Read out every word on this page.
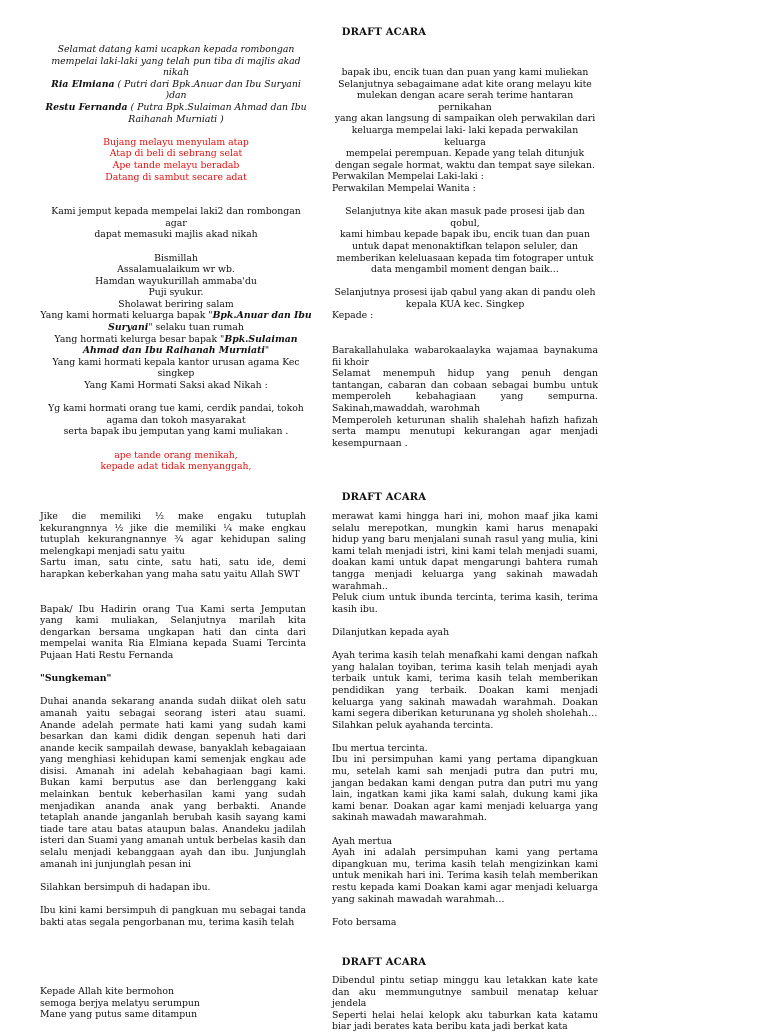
DRAFT ACARA
Selamat datang kami ucapkan kepada rombongan
mempelai laki-laki yang telah pun tiba di majlis akad nikah
Ria Elmiana ( Putri dari Bpk.Anuar dan Ibu Suryani )dan
Restu Fernanda ( Putra Bpk.Sulaiman Ahmad dan Ibu
Raihanah Murniati )
Bujang melayu menyulam atap
Atap di beli di sebrang selat
Ape tande melayu beradab
Datang di sambut secare adat
Kami jemput kepada mempelai laki2 dan rombongan agar
dapat memasuki majlis akad nikah
Bismillah
Assalamualaikum wr wb.
Hamdan wayukurillah ammaba'du
Puji syukur.
Sholawat beriring salam
Yang kami hormati keluarga bapak "Bpk.Anuar dan Ibu
Suryani" selaku tuan rumah
Yang hormati kelurga besar bapak "Bpk.Sulaiman
Ahmad dan Ibu Raihanah Murniati"
Yang kami hormati kepala kantor urusan agama Kec
singkep
Yang Kami Hormati Saksi akad Nikah :
Yg kami hormati orang tue kami, cerdik pandai, tokoh
agama dan tokoh masyarakat
serta bapak ibu jemputan yang kami muliakan .
ape tande orang menikah,
kepade adat tidak menyanggah,
bapak ibu, encik tuan dan puan yang kami muliekan
Selanjutnya sebagaimane adat kite orang melayu kite
mulekan dengan acare serah terime hantaran pernikahan
yang akan langsung di sampaikan oleh perwakilan dari
keluarga mempelai laki- laki kepada perwakilan keluarga
mempelai perempuan. Kepade yang telah ditunjuk
dengan segale hormat, waktu dan tempat saye silekan.
Perwakilan Mempelai Laki-laki :
Perwakilan Mempelai Wanita :
Selanjutnya kite akan masuk pade prosesi ijab dan qobul,
kami himbau kepade bapak ibu, encik tuan dan puan
untuk dapat menonaktifkan telapon seluler, dan
memberikan keleluasaan kepada tim fotograper untuk
data mengambil moment dengan baik…
Selanjutnya prosesi ijab qabul yang akan di pandu oleh
kepala KUA kec. Singkep
Kepade :
Barakallahulaka wabarokaalayka wajamaa baynakuma fii khoir
Selamat menempuh hidup yang penuh dengan tantangan, cabaran dan cobaan sebagai bumbu untuk memperoleh kebahagiaan yang sempurna. Sakinah,mawaddah, warohmah
Memperoleh keturunan shalih shalehah hafizh hafizah serta mampu menutupi kekurangan agar menjadi kesempurnaan .
DRAFT ACARA
Jike die memiliki ½ make engaku tutuplah kekurangnnya ½ jike die memiliki ¼ make engkau tutuplah kekurangnannye ¾ agar kehidupan saling melengkapi menjadi satu yaitu
Sartu iman, satu cinte, satu hati, satu ide, demi harapkan keberkahan yang maha satu yaitu Allah SWT
Bapak/ Ibu Hadirin orang Tua Kami serta Jemputan yang kami muliakan, Selanjutnya marilah kita dengarkan bersama ungkapan hati dan cinta dari mempelai wanita Ria Elmiana kepada Suami Tercinta Pujaan Hati Restu Fernanda
"Sungkeman"
Duhai ananda sekarang ananda sudah diikat oleh satu amanah yaitu sebagai seorang isteri atau suami. Anande adelah permate hati kami yang sudah kami besarkan dan kami didik dengan sepenuh hati dari anande kecik sampailah dewase, banyaklah kebagaiaan yang menghiasi kehidupan kami semenjak engkau ade disisi. Amanah ini adelah kebahagiaan bagi kami. Bukan kami berputus ase dan berlenggang kaki melainkan bentuk keberhasilan kami yang sudah menjadikan ananda anak yang berbakti. Anande tetaplah anande janganlah berubah kasih sayang kami tiade tare atau batas ataupun balas. Anandeku jadilah isteri dan Suami yang amanah untuk berbelas kasih dan selalu menjadi kebanggaan ayah dan ibu. Junjunglah amanah ini junjunglah pesan ini
Silahkan bersimpuh di hadapan ibu.
Ibu kini kami bersimpuh di pangkuan mu sebagai tanda bakti atas segala pengorbanan mu, terima kasih telah
merawat kami hingga hari ini, mohon maaf jika kami selalu merepotkan, mungkin kami harus menapaki hidup yang baru menjalani sunah rasul yang mulia, kini kami telah menjadi istri, kini kami telah menjadi suami, doakan kami untuk dapat mengarungi bahtera rumah tangga menjadi keluarga yang sakinah mawadah warahmah..
Peluk cium untuk ibunda tercinta, terima kasih, terima kasih ibu.
Dilanjutkan kepada ayah
Ayah terima kasih telah menafkahi kami dengan nafkah yang halalan toyiban, terima kasih telah menjadi ayah terbaik untuk kami, terima kasih telah memberikan pendidikan yang terbaik. Doakan kami menjadi keluarga yang sakinah mawadah warahmah. Doakan kami segera diberikan keturunana yg sholeh sholehah…
Silahkan peluk ayahanda tercinta.
Ibu mertua tercinta.
Ibu ini persimpuhan kami yang pertama dipangkuan mu, setelah kami sah menjadi putra dan putri mu, jangan bedakan kami dengan putra dan putri mu yang lain, ingatkan kami jika kami salah, dukung kami jika kami benar. Doakan agar kami menjadi keluarga yang sakinah mawadah mawarahmah.
Ayah mertua
Ayah ini adalah persimpuhan kami yang pertama dipangkuan mu, terima kasih telah mengizinkan kami untuk menikah hari ini. Terima kasih telah memberikan restu kepada kami Doakan kami agar menjadi keluarga yang sakinah mawadah warahmah…
Foto bersama
DRAFT ACARA
Kepade Allah kite bermohon
semoga berjya melatyu serumpun
Mane yang putus same ditampun
Dibendul pintu setiap minggu kau letakkan kate kate dan aku memmungutnye sambuil menatap keluar jendela
Seperti helai helai kelopk aku taburkan kata katamu biar jadi berates kata beribu kata jadi berkat kata
